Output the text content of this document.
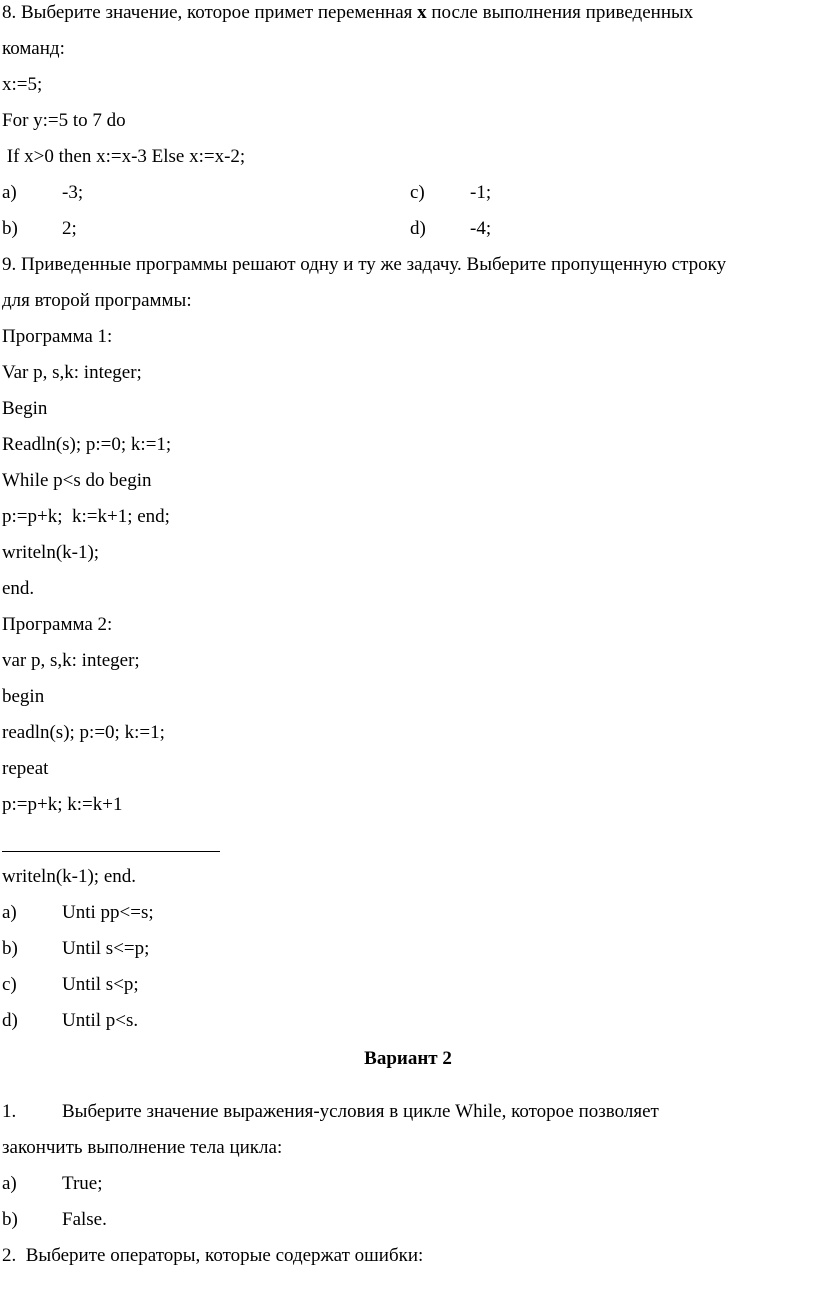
8. Выберите значение, которое примет переменная x после выполнения приведенных
команд:
x:=5;
For y:=5 to 7 do
If x>0 then x:=x-3 Else x:=x-2;
a) -3;	c) -1;
b) 2;	d) -4;
9. Приведенные программы решают одну и ту же задачу. Выберите пропущенную строку
для второй программы:
Программа 1:
Var p, s,k: integer;
Begin
Readln(s); p:=0; k:=1;
While p<s do begin
p:=p+k;  k:=k+1; end;
writeln(k-1);
end.
Программа 2:
var p, s,k: integer;
begin
readln(s); p:=0; k:=1;
repeat
p:=p+k; k:=k+1
writeln(k-1); end.
a) Unti pp<=s;
b) Until s<=p;
c) Until s<p;
d) Until p<s.
Вариант 2
1. Выберите значение выражения-условия в цикле While, которое позволяет
закончить выполнение тела цикла:
a) True;
b) False.
2.  Выберите операторы, которые содержат ошибки:
